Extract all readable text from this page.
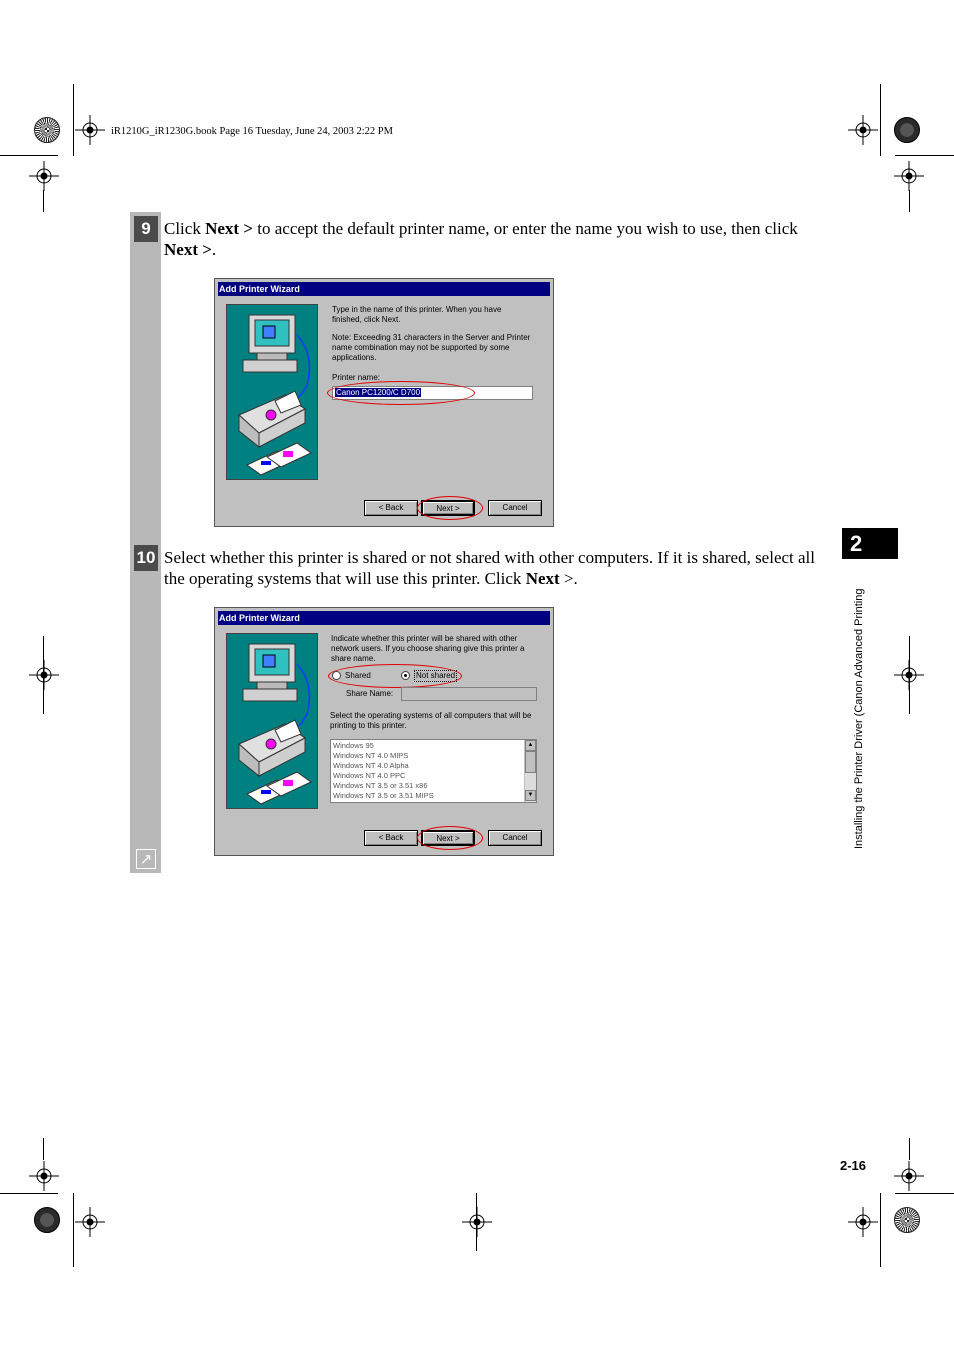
iR1210G_iR1230G.book Page 16 Tuesday, June 24, 2003 2:22 PM
9
10
↗

Click Next > to accept the default printer name, or enter the name you wish to use, then click Next >.

Add Printer Wizard
Type in the name of this printer. When you have finished, click Next.
Note: Exceeding 31 characters in the Server and Printer name combination may not be supported by some applications.
Printer name:
Canon PC1200/C D700
< Back	Next >	Cancel

Select whether this printer is shared or not shared with other computers. If it is shared, select all the operating systems that will use this printer. Click Next >.

Add Printer Wizard
Indicate whether this printer will be shared with other network users. If you choose sharing give this printer a share name.
Shared	Not shared
Share Name:
Select the operating systems of all computers that will be printing to this printer.
Windows 95
Windows NT 4.0 MIPS
Windows NT 4.0 Alpha
Windows NT 4.0 PPC
Windows NT 3.5 or 3.51 x86
Windows NT 3.5 or 3.51 MIPS
▲
▼
< Back	Next >	Cancel
2
Installing the Printer Driver (Canon Advanced Printing
2-16
